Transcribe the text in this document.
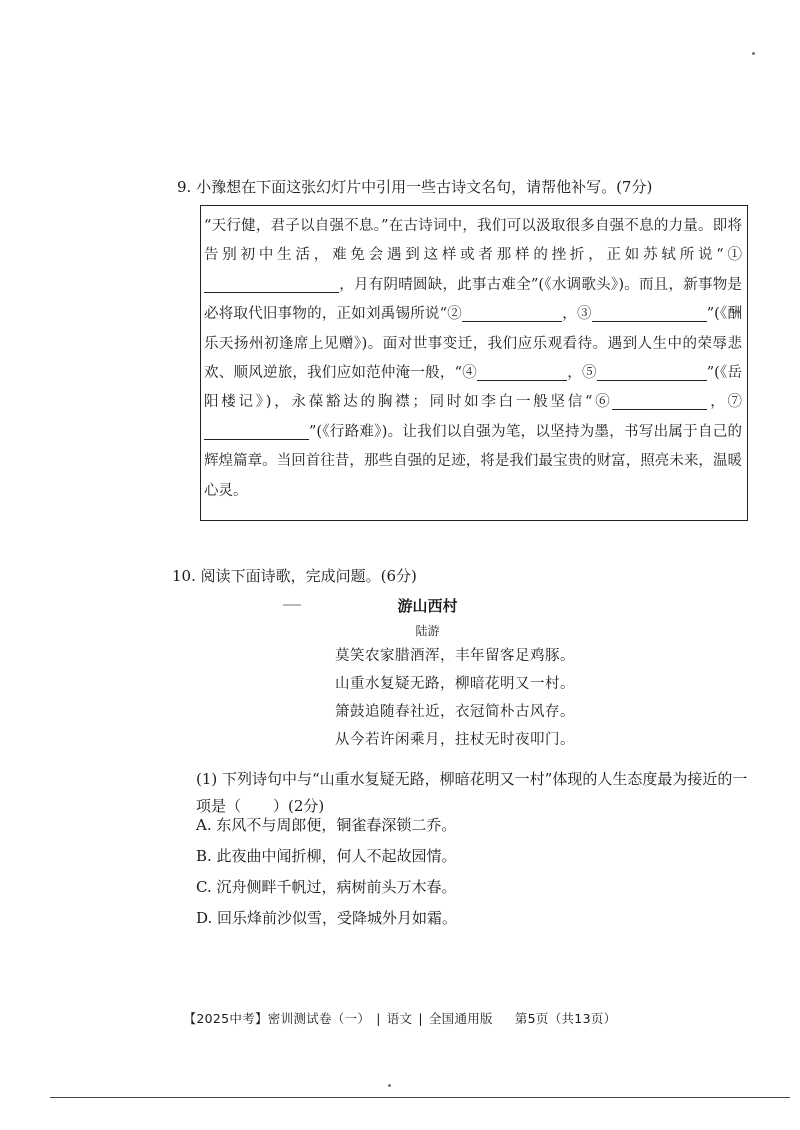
9. 小豫想在下面这张幻灯片中引用一些古诗文名句，请帮他补写。(7分)
“天行健，君子以自强不息。”在古诗词中，我们可以汲取很多自强不息的力量。即将告别初中生活，难免会遇到这样或者那样的挫折，正如苏轼所说“①，月有阴晴圆缺，此事古难全”(《水调歌头》)。而且，新事物是必将取代旧事物的，正如刘禹锡所说“②	，③	”(《酬乐天扬州初逢席上见赠》)。面对世事变迁，我们应乐观看待。遇到人生中的荣辱悲欢、顺风逆旅，我们应如范仲淹一般，“④	，⑤	”(《岳阳楼记》)，永葆豁达的胸襟；同时如李白一般坚信“⑥	，⑦”(《行路难》)。让我们以自强为笔，以坚持为墨，书写出属于自己的辉煌篇章。当回首往昔，那些自强的足迹，将是我们最宝贵的财富，照亮未来，温暖心灵。
10. 阅读下面诗歌，完成问题。(6分)
游山西村
陆游
莫笑农家腊酒浑，丰年留客足鸡豚。
山重水复疑无路，柳暗花明又一村。
箫鼓追随春社近，衣冠简朴古风存。
从今若许闲乘月，拄杖无时夜叩门。
(1) 下列诗句中与“山重水复疑无路，柳暗花明又一村”体现的人生态度最为接近的一项是（ ）(2分)
A. 东风不与周郎便，铜雀春深锁二乔。
B. 此夜曲中闻折柳，何人不起故园情。
C. 沉舟侧畔千帆过，病树前头万木春。
D. 回乐烽前沙似雪，受降城外月如霜。
【2025中考】密训测试卷（一） | 语文 | 全国通用版 第5页（共13页）
